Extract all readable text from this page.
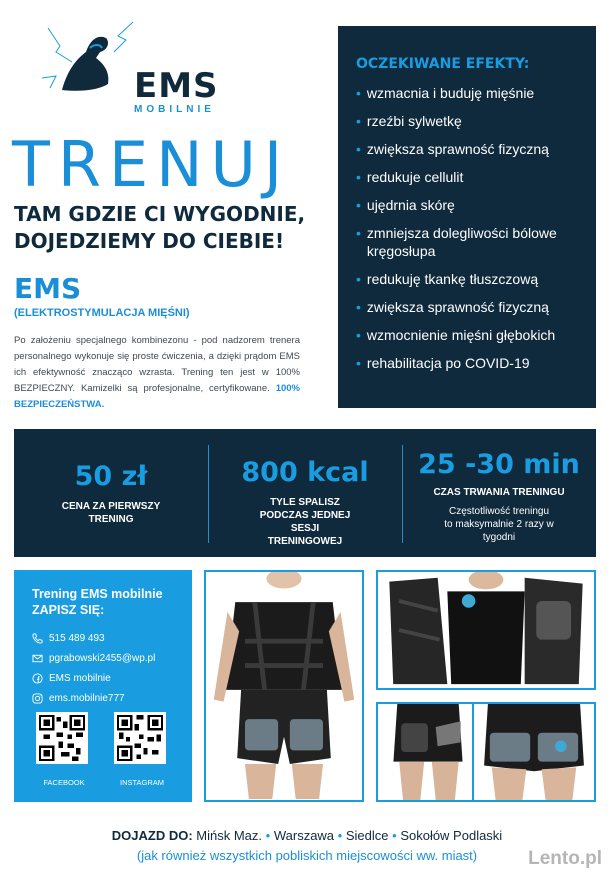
EMS
MOBILNIE
TRENUJ
TAM GDZIE CI WYGODNIE,
DOJEDZIEMY DO CIEBIE!
EMS
(ELEKTROSTYMULACJA MIĘŚNI)
Po założeniu specjalnego kombinezonu - pod nadzorem trenera personalnego wykonuje się proste ćwiczenia, a dzięki prądom EMS ich efektywność znacząco wzrasta. Trening ten jest w 100% BEZPIECZNY. Kamizelki są profesjonalne, certyfikowane. 100% BEZPIECZEŃSTWA.
OCZEKIWANE EFEKTY:
• wzmacnia i buduję mięśnie
• rzeźbi sylwetkę
• zwiększa sprawność fizyczną
• redukuje cellulit
• ujędrnia skórę
• zmniejsza dolegliwości bólowe kręgosłupa
• redukuję tkankę tłuszczową
• zwiększa sprawność fizyczną
• wzmocnienie mięśni głębokich
• rehabilitacja po COVID-19
50 zł
CENA ZA PIERWSZY TRENING
800 kcal
TYLE SPALISZ PODCZAS JEDNEJ SESJI TRENINGOWEJ
25 -30 min
CZAS TRWANIA TRENINGU
Częstotliwość treningu to maksymalnie 2 razy w tygodni
Trening EMS mobilnie ZAPISZ SIĘ:
515 489 493
pgrabowski2455@wp.pl
EMS mobilnie
ems.mobilnie777
FACEBOOK	INSTAGRAM
DOJAZD DO: Mińsk Maz. • Warszawa • Siedlce • Sokołów Podlaski
(jak również wszystkich pobliskich miejscowości ww. miast)	Lento.pl
